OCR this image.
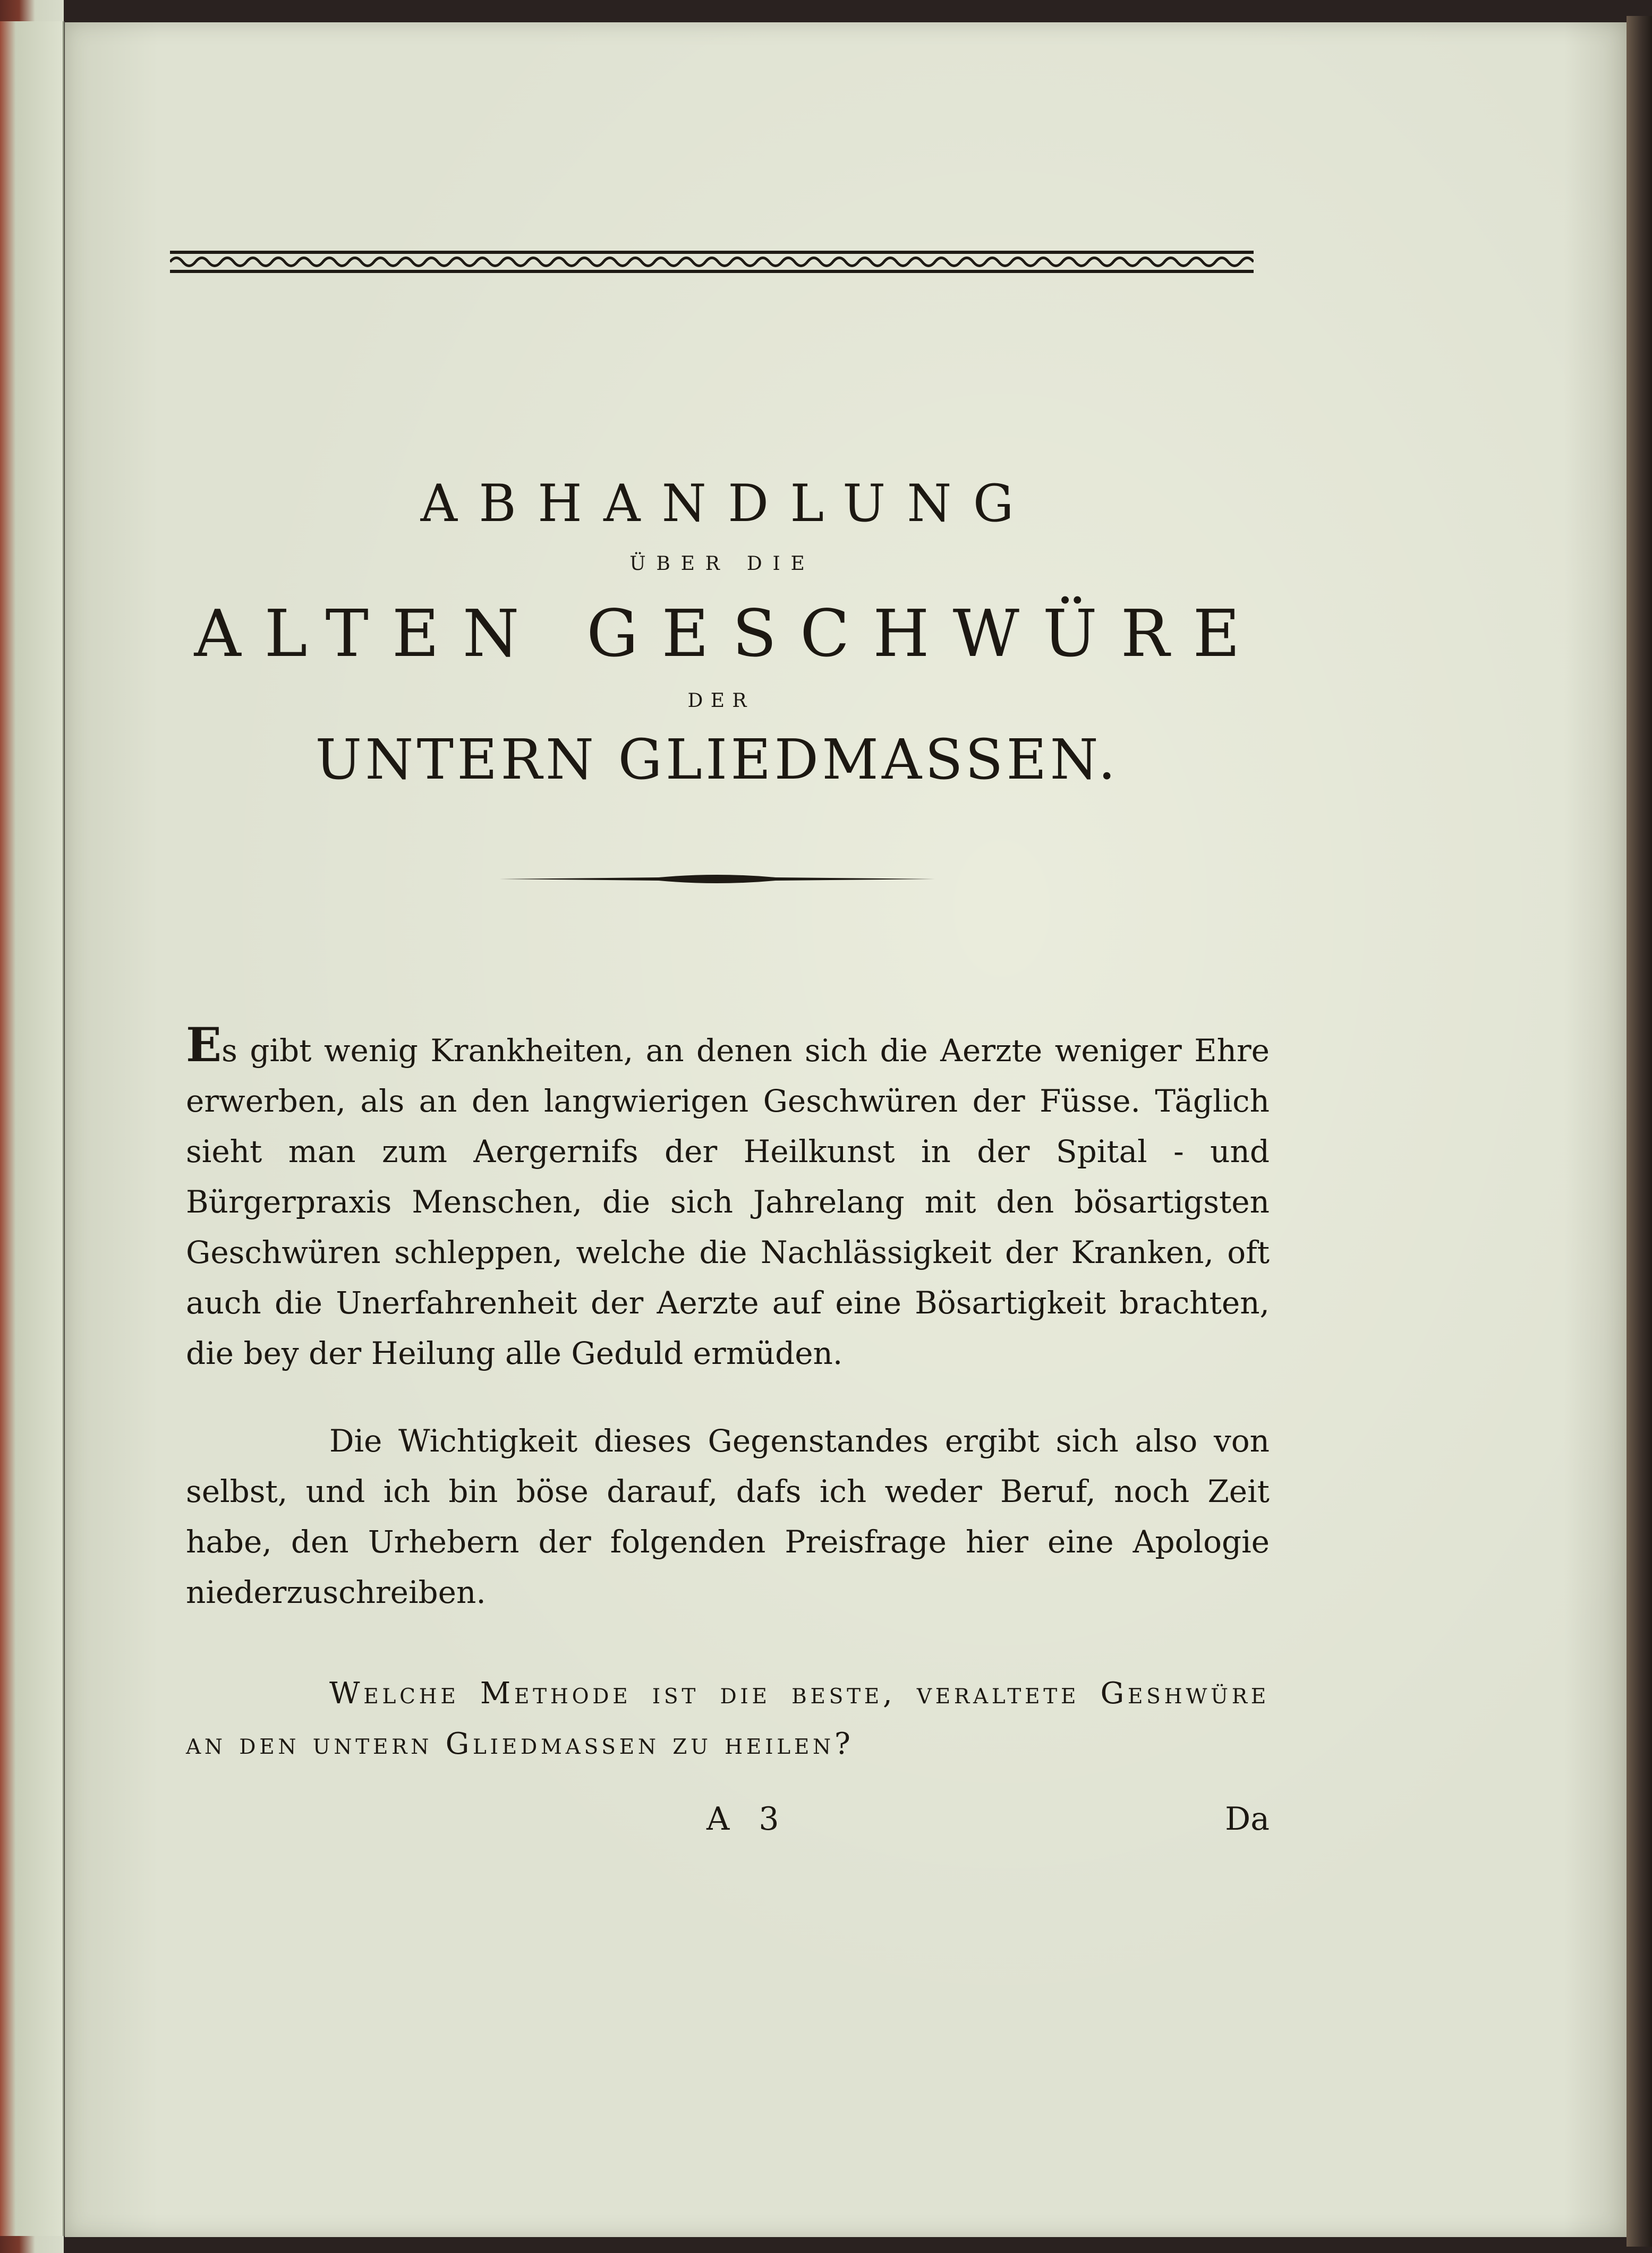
ABHANDLUNG
ÜBER DIE
ALTEN GESCHWÜRE
DER
UNTERN GLIEDMASSEN.

Es gibt wenig Krankheiten, an denen sich die Aerzte weniger Ehre erwerben, als an den langwierigen Geschwüren der Füsse. Täglich sieht man zum Aergernifs der Heilkunst in der Spital - und Bürgerpraxis Menschen, die sich Jahrelang mit den bösartigsten Geschwüren schleppen, welche die Nachlässigkeit der Kranken, oft auch die Unerfahrenheit der Aerzte auf eine Bösartigkeit brachten, die bey der Heilung alle Geduld ermüden.

Die Wichtigkeit dieses Gegenstandes ergibt sich also von selbst, und ich bin böse darauf, dafs ich weder Beruf, noch Zeit habe, den Urhebern der folgenden Preisfrage hier eine Apologie niederzuschreiben.

Welche Methode ist die beste, veraltete Geshwüre an den untern Gliedmassen zu heilen?

A 3	Da
